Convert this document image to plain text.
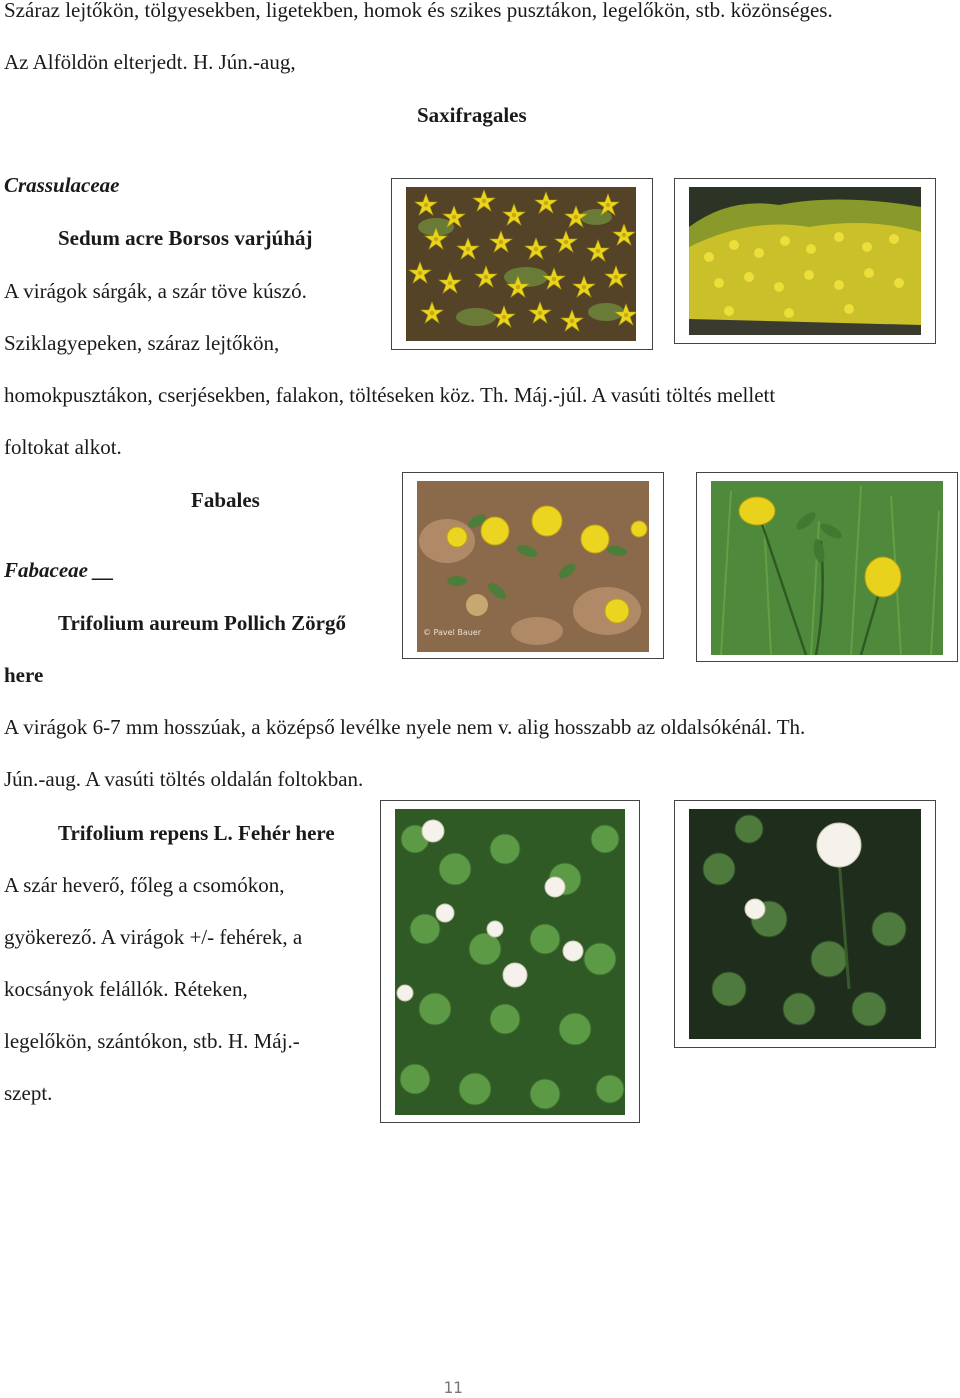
Száraz lejtőkön, tölgyesekben, ligetekben, homok és szikes pusztákon, legelőkön, stb. közönséges.
Az Alföldön elterjedt. H. Jún.-aug,
Saxifragales
Crassulaceae
Sedum acre Borsos varjúháj
A virágok sárgák, a szár töve kúszó.
Sziklagyepeken, száraz lejtőkön,
homokpusztákon, cserjésekben, falakon, töltéseken köz. Th. Máj.-júl. A vasúti töltés mellett
foltokat alkot.
Fabales
Fabaceae __
Trifolium aureum Pollich Zörgő
here
A virágok 6-7 mm hosszúak, a középső levélke nyele nem v. alig hosszabb az oldalsókénál. Th.
Jún.-aug. A vasúti töltés oldalán foltokban.
Trifolium repens L. Fehér here
A szár heverő, főleg a csomókon,
gyökerező. A virágok +/- fehérek, a
kocsányok felállók. Réteken,
legelőkön, szántókon, stb. H. Máj.-
szept.
© Pavel Bauer
11
